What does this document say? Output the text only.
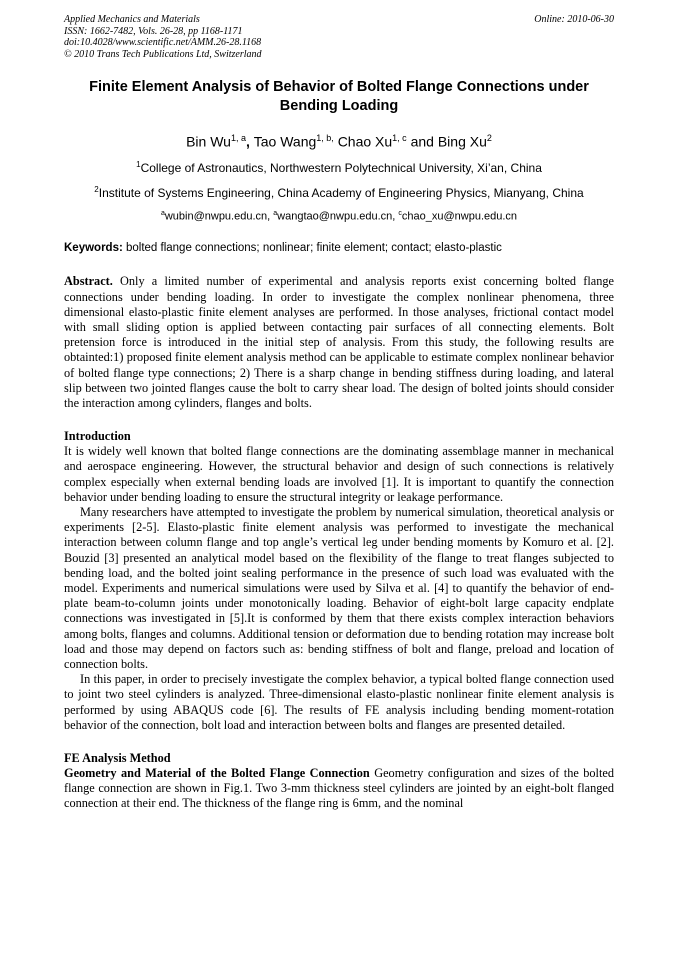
Applied Mechanics and Materials
ISSN: 1662-7482, Vols. 26-28, pp 1168-1171
doi:10.4028/www.scientific.net/AMM.26-28.1168
© 2010 Trans Tech Publications Ltd, Switzerland
Online: 2010-06-30
Finite Element Analysis of Behavior of Bolted Flange Connections under Bending Loading
Bin Wu$^{1, a}$, Tao Wang$^{1, b,}$ Chao Xu$^{1, c}$ and Bing Xu$^2$
$^1$College of Astronautics, Northwestern Polytechnical University, Xi’an, China
$^2$Institute of Systems Engineering, China Academy of Engineering Physics, Mianyang, China
$^a$wubin@nwpu.edu.cn, $^a$wangtao@nwpu.edu.cn, $^c$chao_xu@nwpu.edu.cn
Keywords: bolted flange connections; nonlinear; finite element; contact; elasto-plastic
Abstract. Only a limited number of experimental and analysis reports exist concerning bolted flange connections under bending loading. In order to investigate the complex nonlinear phenomena, three dimensional elasto-plastic finite element analyses are performed. In those analyses, frictional contact model with small sliding option is applied between contacting pair surfaces of all connecting elements. Bolt pretension force is introduced in the initial step of analysis. From this study, the following results are obtainted:1) proposed finite element analysis method can be applicable to estimate complex nonlinear behavior of bolted flange type connections; 2) There is a sharp change in bending stiffness during loading, and lateral slip between two jointed flanges cause the bolt to carry shear load. The design of bolted joints should consider the interaction among cylinders, flanges and bolts.
Introduction
It is widely well known that bolted flange connections are the dominating assemblage manner in mechanical and aerospace engineering. However, the structural behavior and design of such connections is relatively complex especially when external bending loads are involved [1]. It is important to quantify the connection behavior under bending loading to ensure the structural integrity or leakage performance.
Many researchers have attempted to investigate the problem by numerical simulation, theoretical analysis or experiments [2-5]. Elasto-plastic finite element analysis was performed to investigate the mechanical interaction between column flange and top angle’s vertical leg under bending moments by Komuro et al. [2]. Bouzid [3] presented an analytical model based on the flexibility of the flange to treat flanges subjected to bending load, and the bolted joint sealing performance in the presence of such load was evaluated with the model. Experiments and numerical simulations were used by Silva et al. [4] to quantify the behavior of end-plate beam-to-column joints under monotonically loading. Behavior of eight-bolt large capacity endplate connections was investigated in [5].It is conformed by them that there exists complex interaction behaviors among bolts, flanges and columns. Additional tension or deformation due to bending rotation may increase bolt load and those may depend on factors such as: bending stiffness of bolt and flange, preload and location of connection bolts.
In this paper, in order to precisely investigate the complex behavior, a typical bolted flange connection used to joint two steel cylinders is analyzed. Three-dimensional elasto-plastic nonlinear finite element analysis is performed by using ABAQUS code [6]. The results of FE analysis including bending moment-rotation behavior of the connection, bolt load and interaction between bolts and flanges are presented detailed.
FE Analysis Method
Geometry and Material of the Bolted Flange Connection Geometry configuration and sizes of the bolted flange connection are shown in Fig.1. Two 3-mm thickness steel cylinders are jointed by an eight-bolt flanged connection at their end. The thickness of the flange ring is 6mm, and the nominal
